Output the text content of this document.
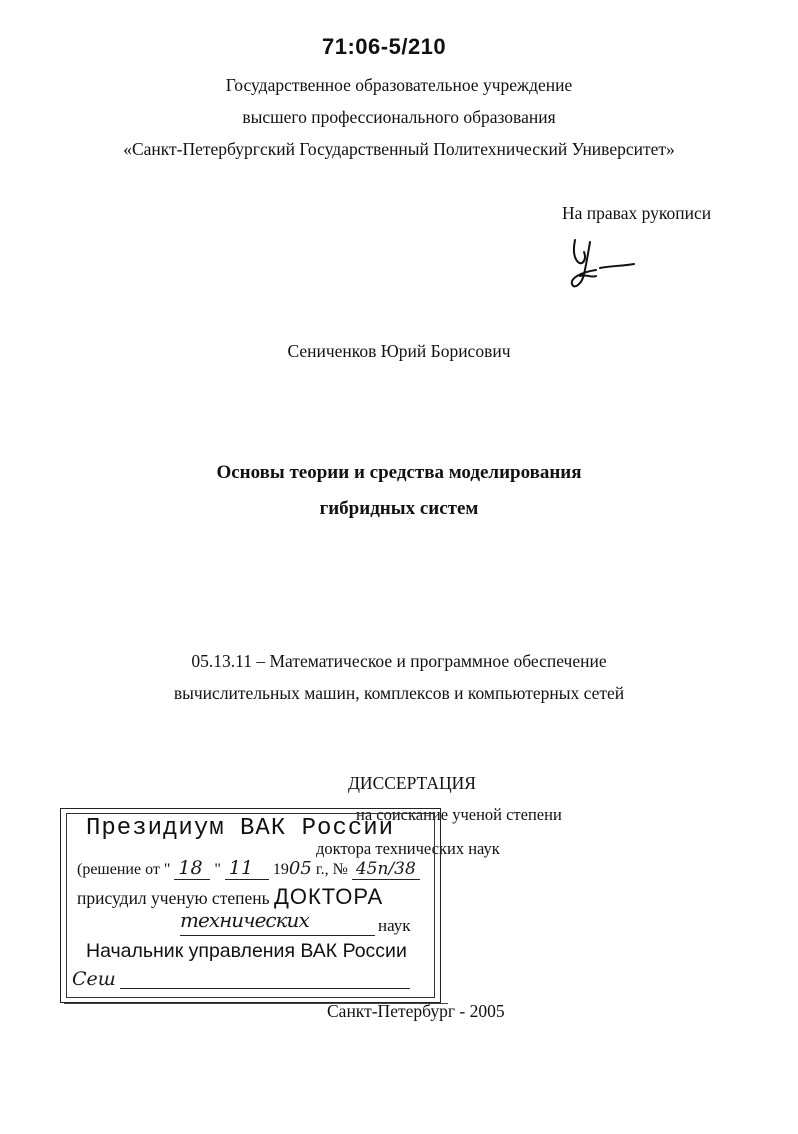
71:06-5/210
Государственное образовательное учреждение
высшего профессионального образования
«Санкт-Петербургский Государственный Политехнический Университет»
На правах рукописи
Сениченков Юрий Борисович
Основы теории и средства моделирования
гибридных систем
05.13.11 – Математическое и программное обеспечение
вычислительных машин, комплексов и компьютерных сетей
ДИССЕРТАЦИЯ
на соискание ученой степени
доктора технических наук
Президиум ВАК России
(решение от " 18 " 11 1905 г., № 45п/38
присудил ученую степень ДОКТОРА
технических	наук
Начальник управления ВАК России
Сеш
Санкт-Петербург - 2005
